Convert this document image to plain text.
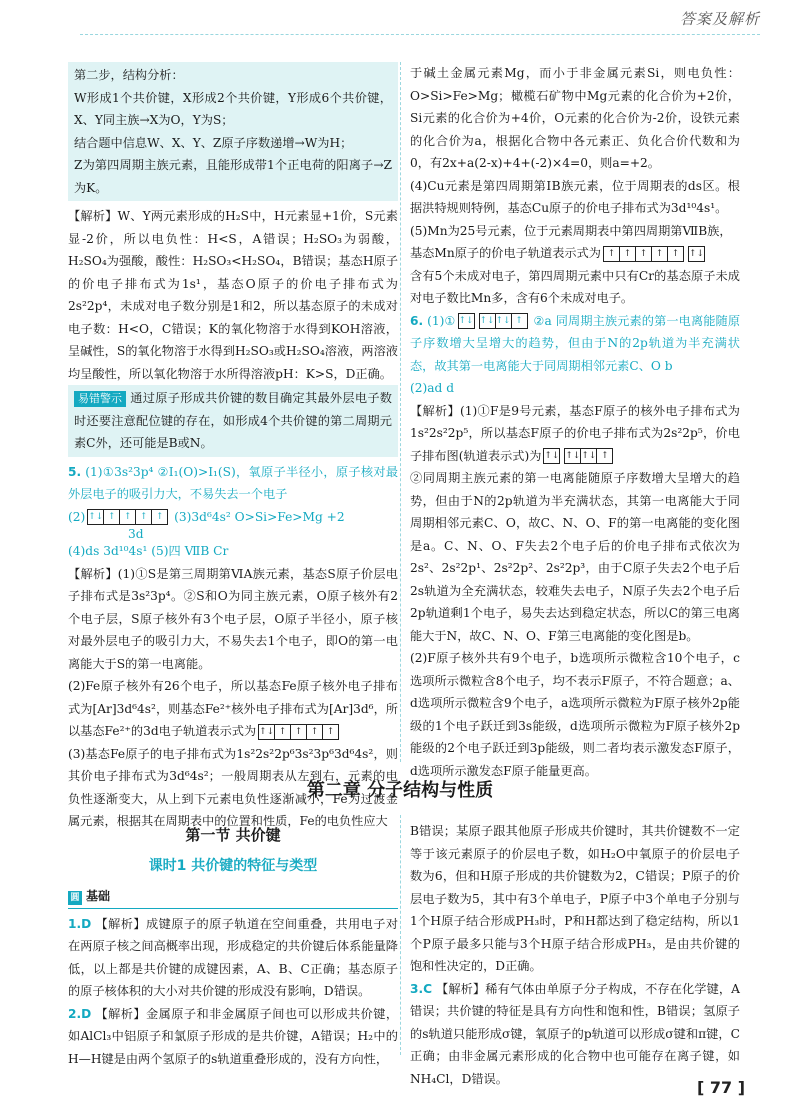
答案及解析

第二步，结构分析：

W形成1个共价键，X形成2个共价键，Y形成6个共价键，X、Y同主族→X为O，Y为S；

结合题中信息W、X、Y、Z原子序数递增→W为H；

Z为第四周期主族元素，且能形成带1个正电荷的阳离子→Z为K。

【解析】W、Y两元素形成的H₂S中，H元素显+1价，S元素显-2价，所以电负性：H<S，A错误；H₂SO₃为弱酸，H₂SO₄为强酸，酸性：H₂SO₃<H₂SO₄，B错误；基态H原子的价电子排布式为1s¹，基态O原子的价电子排布式为2s²2p⁴，未成对电子数分别是1和2，所以基态原子的未成对电子数：H<O，C错误；K的氧化物溶于水得到KOH溶液，呈碱性，S的氧化物溶于水得到H₂SO₃或H₂SO₄溶液，两溶液均呈酸性，所以氧化物溶于水所得溶液pH：K>S，D正确。

易错警示 通过原子形成共价键的数目确定其最外层电子数时还要注意配位键的存在，如形成4个共价键的第二周期元素C外，还可能是B或N。

5. (1)①3s²3p⁴ ②I₁(O)>I₁(S)，氧原子半径小，原子核对最外层电子的吸引力大，不易失去一个电子

(2) ↑↓ ↑ ↑ ↑ ↑ (3)3d⁶4s² O>Si>Fe>Mg +2

3d

(4)ds 3d¹⁰4s¹ (5)四 ⅦB Cr

【解析】(1)①S是第三周期第ⅥA族元素，基态S原子价层电子排布式是3s²3p⁴。②S和O为同主族元素，O原子核外有2个电子层，S原子核外有3个电子层，O原子半径小，原子核对最外层电子的吸引力大，不易失去1个电子，即O的第一电离能大于S的第一电离能。

(2)Fe原子核外有26个电子，所以基态Fe原子核外电子排布式为[Ar]3d⁶4s²，则基态Fe²⁺核外电子排布式为[Ar]3d⁶，所以基态Fe²⁺的3d电子轨道表示式为 ↑↓ ↑ ↑ ↑ ↑

(3)基态Fe原子的电子排布式为1s²2s²2p⁶3s²3p⁶3d⁶4s²，则其价电子排布式为3d⁶4s²；一般周期表从左到右，元素的电负性逐渐变大，从上到下元素电负性逐渐减小，Fe为过渡金属元素，根据其在周期表中的位置和性质，Fe的电负性应大

于碱土金属元素Mg，而小于非金属元素Si，则电负性：O>Si>Fe>Mg；橄榄石矿物中Mg元素的化合价为+2价，Si元素的化合价为+4价，O元素的化合价为-2价，设铁元素的化合价为a，根据化合物中各元素正、负化合价代数和为0，有2x+a(2-x)+4+(-2)×4=0，则a=+2。

(4)Cu元素是第四周期第ⅠB族元素，位于周期表的ds区。根据洪特规则特例，基态Cu原子的价电子排布式为3d¹⁰4s¹。

(5)Mn为25号元素，位于元素周期表中第四周期第ⅦB族，

基态Mn原子的价电子轨道表示式为 ↑ ↑ ↑ ↑ ↑	↑↓

含有5个未成对电子，第四周期元素中只有Cr的基态原子未成对电子数比Mn多，含有6个未成对电子。

6. (1)① ↑↓ ↑↓ ↑↓ ↑ ②a 同周期主族元素的第一电离能随原子序数增大呈增大的趋势，但由于N的2p轨道为半充满状态，故其第一电离能大于同周期相邻元素C、O b

(2)ad d

【解析】(1)①F是9号元素，基态F原子的核外电子排布式为1s²2s²2p⁵，所以基态F原子的价电子排布式为2s²2p⁵，价电子排布图(轨道表示式)为 ↑↓ ↑↓ ↑↓ ↑

②同周期主族元素的第一电离能随原子序数增大呈增大的趋势，但由于N的2p轨道为半充满状态，其第一电离能大于同周期相邻元素C、O，故C、N、O、F的第一电离能的变化图是a。C、N、O、F失去2个电子后的价电子排布式依次为2s²、2s²2p¹、2s²2p²、2s²2p³，由于C原子失去2个电子后2s轨道为全充满状态，较难失去电子，N原子失去2个电子后2p轨道剩1个电子，易失去达到稳定状态，所以C的第三电离能大于N，故C、N、O、F第三电离能的变化图是b。

(2)F原子核外共有9个电子，b选项所示微粒含10个电子，c选项所示微粒含8个电子，均不表示F原子，不符合题意；a、d选项所示微粒含9个电子，a选项所示微粒为F原子核外2p能级的1个电子跃迁到3s能级，d选项所示微粒为F原子核外2p能级的2个电子跃迁到3p能级，则二者均表示激发态F原子，d选项所示激发态F原子能量更高。

第二章 分子结构与性质
第一节 共价键
课时1 共价键的特征与类型
圆 基础

1.D 【解析】成键原子的原子轨道在空间重叠，共用电子对在两原子核之间高概率出现，形成稳定的共价键后体系能量降低，以上都是共价键的成键因素，A、B、C正确；基态原子的原子核体积的大小对共价键的形成没有影响，D错误。

2.D 【解析】金属原子和非金属原子间也可以形成共价键，如AlCl₃中铝原子和氯原子形成的是共价键，A错误；H₂中的H—H键是由两个氢原子的s轨道重叠形成的，没有方向性，

B错误；某原子跟其他原子形成共价键时，其共价键数不一定等于该元素原子的价层电子数，如H₂O中氧原子的价层电子数为6，但和H原子形成的共价键数为2，C错误；P原子的价层电子数为5，其中有3个单电子，P原子中3个单电子分别与1个H原子结合形成PH₃时，P和H都达到了稳定结构，所以1个P原子最多只能与3个H原子结合形成PH₃，是由共价键的饱和性决定的，D正确。

3.C 【解析】稀有气体由单原子分子构成，不存在化学键，A错误；共价键的特征是具有方向性和饱和性，B错误；氢原子的s轨道只能形成σ键，氧原子的p轨道可以形成σ键和π键，C正确；由非金属元素形成的化合物中也可能存在离子键，如NH₄Cl，D错误。	[ 77 ]
